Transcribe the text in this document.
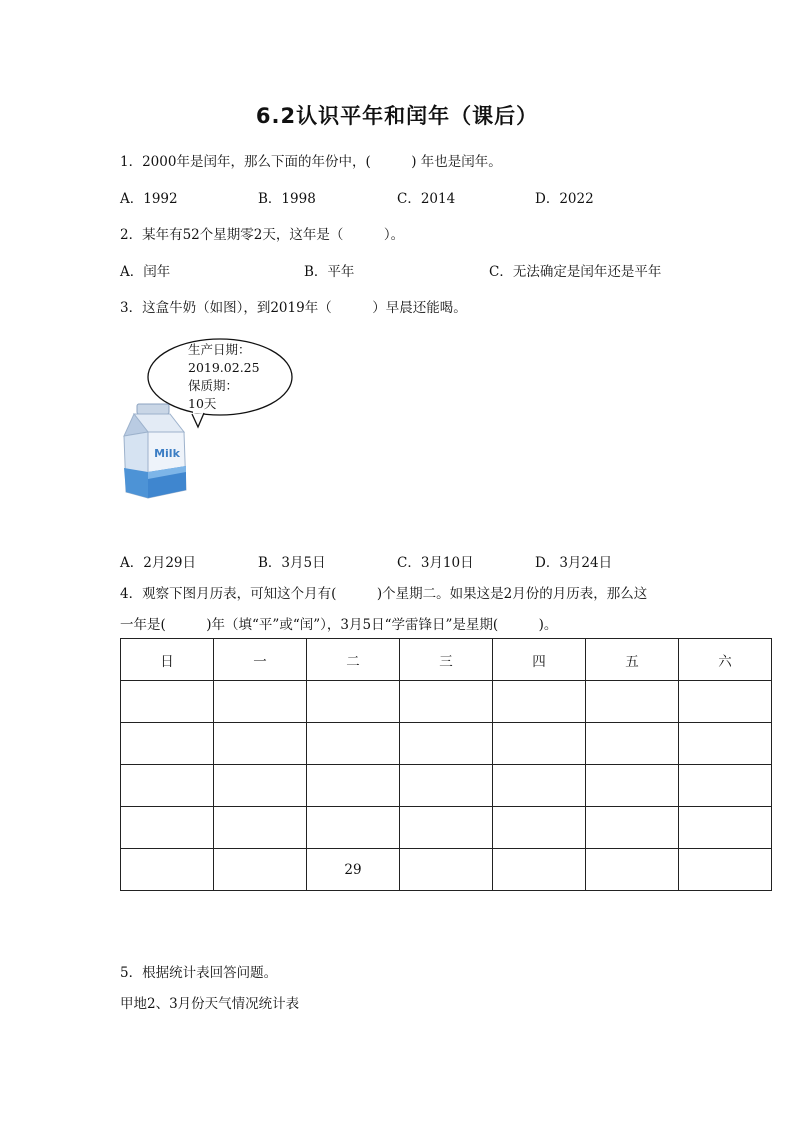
6.2认识平年和闰年（课后）
1．2000年是闰年，那么下面的年份中，(　　　) 年也是闰年。
A．1992	B．1998	C．2014	D．2022
2．某年有52个星期零2天，这年是（　　　）。
A．闰年	B．平年	C．无法确定是闰年还是平年
3．这盒牛奶（如图），到2019年（　　　）早晨还能喝。
生产日期：
2019.02.25
保质期：
10天
Milk
A．2月29日	B．3月5日	C．3月10日	D．3月24日
4．观察下图月历表，可知这个月有(　　　)个星期二。如果这是2月份的月历表，那么这
一年是(　　　)年（填“平”或“闰”），3月5日“学雷锋日”是星期(　　　)。
日	一	二	三	四	五	六

		29				
5．根据统计表回答问题。
甲地2、3月份天气情况统计表
